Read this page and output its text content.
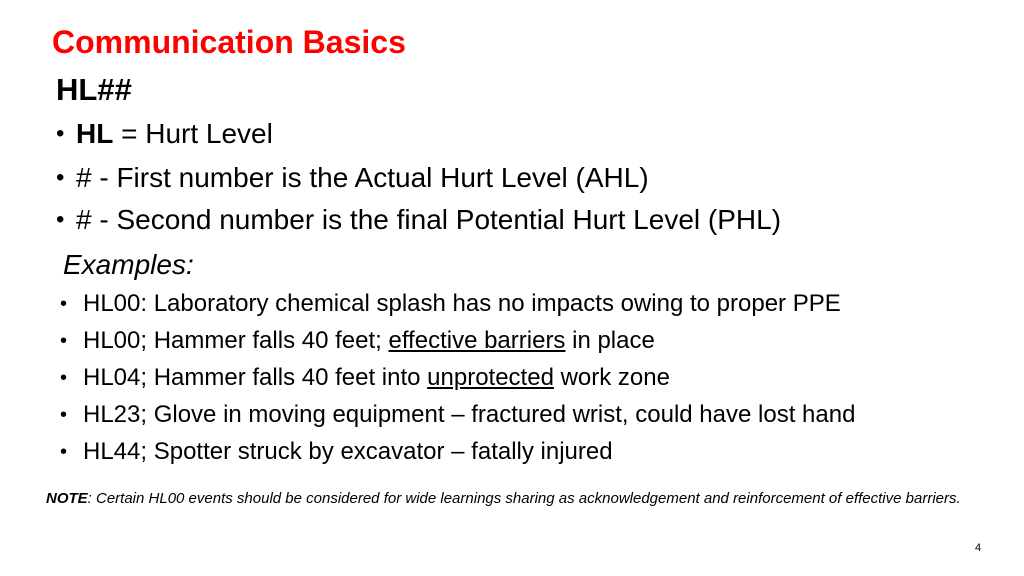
Communication Basics
HL##
• HL = Hurt Level
• # - First number is the Actual Hurt Level (AHL)
• # - Second number is the final Potential Hurt Level (PHL)
Examples:
• HL00: Laboratory chemical splash has no impacts owing to proper PPE
• HL00; Hammer falls 40 feet; effective barriers in place
• HL04; Hammer falls 40 feet into unprotected work zone
• HL23; Glove in moving equipment – fractured wrist, could have lost hand
• HL44; Spotter struck by excavator – fatally injured
NOTE: Certain HL00 events should be considered for wide learnings sharing as acknowledgement and reinforcement of effective barriers.
4
